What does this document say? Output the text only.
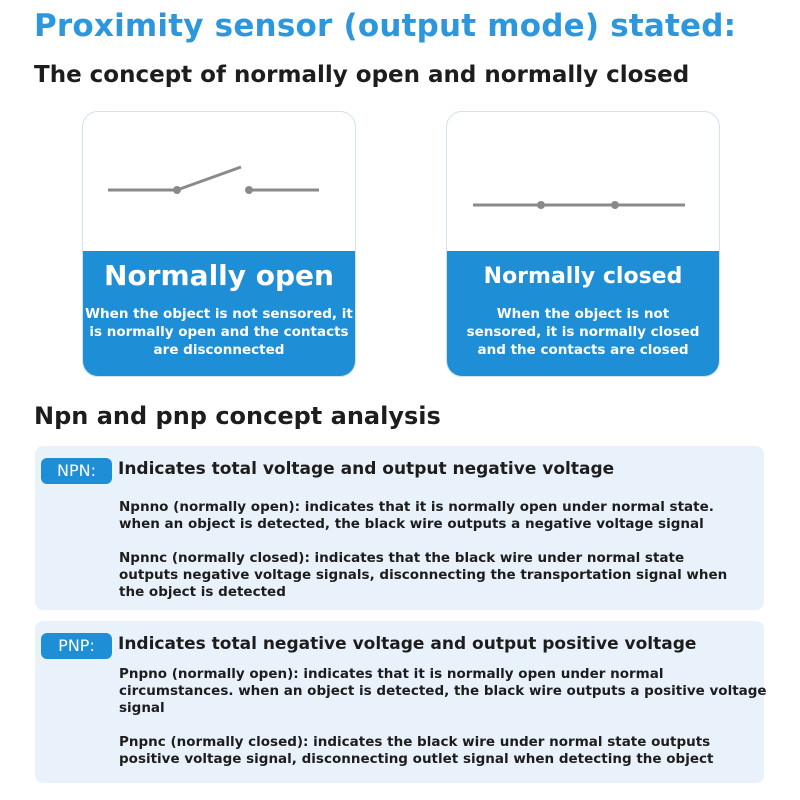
Proximity sensor (output mode) stated:
The concept of normally open and normally closed
Normally open
When the object is not sensored, it
is normally open and the contacts
are disconnected
Normally closed
When the object is not
sensored, it is normally closed
and the contacts are closed
Npn and pnp concept analysis
NPN:	Indicates total voltage and output negative voltage

Npnno (normally open): indicates that it is normally open under normal state.
when an object is detected, the black wire outputs a negative voltage signal

Npnnc (normally closed): indicates that the black wire under normal state
outputs negative voltage signals, disconnecting the transportation signal when
the object is detected

PNP:	Indicates total negative voltage and output positive voltage

Pnpno (normally open): indicates that it is normally open under normal
circumstances. when an object is detected, the black wire outputs a positive voltage
signal

Pnpnc (normally closed): indicates the black wire under normal state outputs
positive voltage signal, disconnecting outlet signal when detecting the object
